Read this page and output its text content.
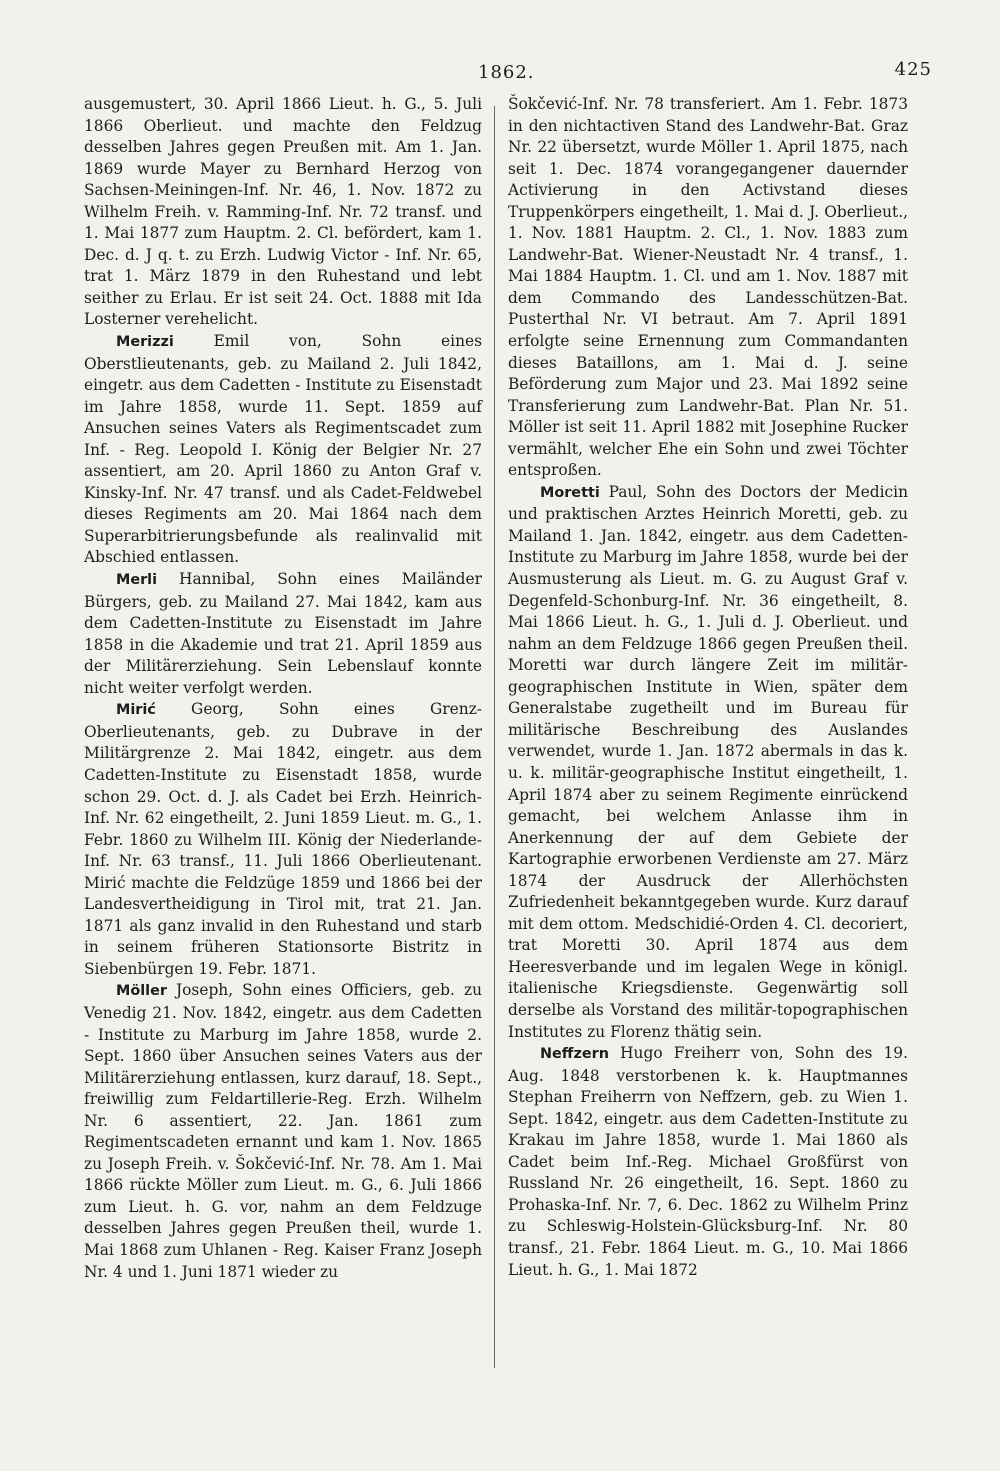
1862.	425

ausgemustert, 30. April 1866 Lieut. h. G., 5. Juli 1866 Oberlieut. und machte den Feldzug desselben Jahres gegen Preußen mit. Am 1. Jan. 1869 wurde Mayer zu Bernhard Herzog von Sachsen-Meiningen-Inf. Nr. 46, 1. Nov. 1872 zu Wilhelm Freih. v. Ramming-Inf. Nr. 72 transf. und 1. Mai 1877 zum Hauptm. 2. Cl. befördert, kam 1. Dec. d. J q. t. zu Erzh. Ludwig Victor - Inf. Nr. 65, trat 1. März 1879 in den Ruhestand und lebt seither zu Erlau. Er ist seit 24. Oct. 1888 mit Ida Losterner verehelicht.

Merizzi Emil von, Sohn eines Oberstlieutenants, geb. zu Mailand 2. Juli 1842, eingetr. aus dem Cadetten - Institute zu Eisenstadt im Jahre 1858, wurde 11. Sept. 1859 auf Ansuchen seines Vaters als Regimentscadet zum Inf. - Reg. Leopold I. König der Belgier Nr. 27 assentiert, am 20. April 1860 zu Anton Graf v. Kinsky-Inf. Nr. 47 transf. und als Cadet-Feldwebel dieses Regiments am 20. Mai 1864 nach dem Superarbitrierungsbefunde als realinvalid mit Abschied entlassen.

Merli Hannibal, Sohn eines Mailänder Bürgers, geb. zu Mailand 27. Mai 1842, kam aus dem Cadetten-Institute zu Eisenstadt im Jahre 1858 in die Akademie und trat 21. April 1859 aus der Militärerziehung. Sein Lebenslauf konnte nicht weiter verfolgt werden.

Mirić Georg, Sohn eines Grenz-Oberlieutenants, geb. zu Dubrave in der Militärgrenze 2. Mai 1842, eingetr. aus dem Cadetten-Institute zu Eisenstadt 1858, wurde schon 29. Oct. d. J. als Cadet bei Erzh. Heinrich-Inf. Nr. 62 eingetheilt, 2. Juni 1859 Lieut. m. G., 1. Febr. 1860 zu Wilhelm III. König der Niederlande-Inf. Nr. 63 transf., 11. Juli 1866 Oberlieutenant. Mirić machte die Feldzüge 1859 und 1866 bei der Landesvertheidigung in Tirol mit, trat 21. Jan. 1871 als ganz invalid in den Ruhestand und starb in seinem früheren Stationsorte Bistritz in Siebenbürgen 19. Febr. 1871.

Möller Joseph, Sohn eines Officiers, geb. zu Venedig 21. Nov. 1842, eingetr. aus dem Cadetten - Institute zu Marburg im Jahre 1858, wurde 2. Sept. 1860 über Ansuchen seines Vaters aus der Militärerziehung entlassen, kurz darauf, 18. Sept., freiwillig zum Feldartillerie-Reg. Erzh. Wilhelm Nr. 6 assentiert, 22. Jan. 1861 zum Regimentscadeten ernannt und kam 1. Nov. 1865 zu Joseph Freih. v. Šokčević-Inf. Nr. 78. Am 1. Mai 1866 rückte Möller zum Lieut. m. G., 6. Juli 1866 zum Lieut. h. G. vor, nahm an dem Feldzuge desselben Jahres gegen Preußen theil, wurde 1. Mai 1868 zum Uhlanen - Reg. Kaiser Franz Joseph Nr. 4 und 1. Juni 1871 wieder zu

Šokčević-Inf. Nr. 78 transferiert. Am 1. Febr. 1873 in den nichtactiven Stand des Landwehr-Bat. Graz Nr. 22 übersetzt, wurde Möller 1. April 1875, nach seit 1. Dec. 1874 vorangegangener dauernder Activierung in den Activstand dieses Truppenkörpers eingetheilt, 1. Mai d. J. Oberlieut., 1. Nov. 1881 Hauptm. 2. Cl., 1. Nov. 1883 zum Landwehr-Bat. Wiener-Neustadt Nr. 4 transf., 1. Mai 1884 Hauptm. 1. Cl. und am 1. Nov. 1887 mit dem Commando des Landesschützen-Bat. Pusterthal Nr. VI betraut. Am 7. April 1891 erfolgte seine Ernennung zum Commandanten dieses Bataillons, am 1. Mai d. J. seine Beförderung zum Major und 23. Mai 1892 seine Transferierung zum Landwehr-Bat. Plan Nr. 51. Möller ist seit 11. April 1882 mit Josephine Rucker vermählt, welcher Ehe ein Sohn und zwei Töchter entsproßen.

Moretti Paul, Sohn des Doctors der Medicin und praktischen Arztes Heinrich Moretti, geb. zu Mailand 1. Jan. 1842, eingetr. aus dem Cadetten-Institute zu Marburg im Jahre 1858, wurde bei der Ausmusterung als Lieut. m. G. zu August Graf v. Degenfeld-Schonburg-Inf. Nr. 36 eingetheilt, 8. Mai 1866 Lieut. h. G., 1. Juli d. J. Oberlieut. und nahm an dem Feldzuge 1866 gegen Preußen theil. Moretti war durch längere Zeit im militär-geographischen Institute in Wien, später dem Generalstabe zugetheilt und im Bureau für militärische Beschreibung des Auslandes verwendet, wurde 1. Jan. 1872 abermals in das k. u. k. militär-geographische Institut eingetheilt, 1. April 1874 aber zu seinem Regimente einrückend gemacht, bei welchem Anlasse ihm in Anerkennung der auf dem Gebiete der Kartographie erworbenen Verdienste am 27. März 1874 der Ausdruck der Allerhöchsten Zufriedenheit bekanntgegeben wurde. Kurz darauf mit dem ottom. Medschidié-Orden 4. Cl. decoriert, trat Moretti 30. April 1874 aus dem Heeresverbande und im legalen Wege in königl. italienische Kriegsdienste. Gegenwärtig soll derselbe als Vorstand des militär-topographischen Institutes zu Florenz thätig sein.

Neffzern Hugo Freiherr von, Sohn des 19. Aug. 1848 verstorbenen k. k. Hauptmannes Stephan Freiherrn von Neffzern, geb. zu Wien 1. Sept. 1842, eingetr. aus dem Cadetten-Institute zu Krakau im Jahre 1858, wurde 1. Mai 1860 als Cadet beim Inf.-Reg. Michael Großfürst von Russland Nr. 26 eingetheilt, 16. Sept. 1860 zu Prohaska-Inf. Nr. 7, 6. Dec. 1862 zu Wilhelm Prinz zu Schleswig-Holstein-Glücksburg-Inf. Nr. 80 transf., 21. Febr. 1864 Lieut. m. G., 10. Mai 1866 Lieut. h. G., 1. Mai 1872
